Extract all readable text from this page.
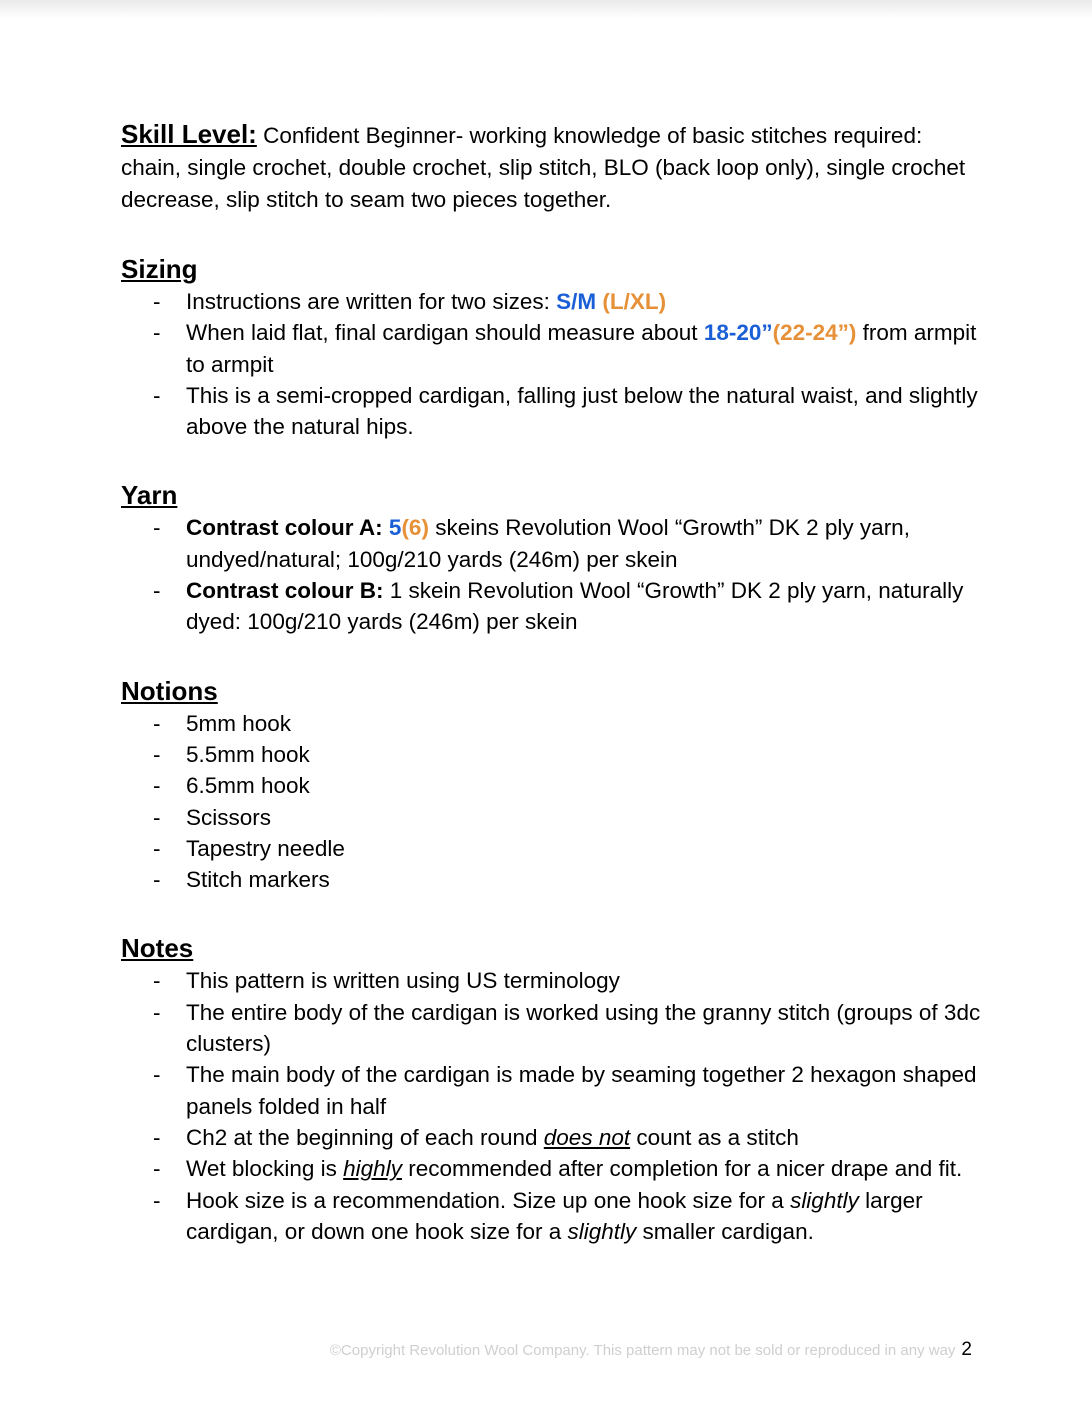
Skill Level: Confident Beginner- working knowledge of basic stitches required: chain, single crochet, double crochet, slip stitch, BLO (back loop only), single crochet decrease, slip stitch to seam two pieces together.

Sizing
- Instructions are written for two sizes: S/M (L/XL)
- When laid flat, final cardigan should measure about 18-20”(22-24”) from armpit to armpit
- This is a semi-cropped cardigan, falling just below the natural waist, and slightly above the natural hips.
Yarn
- Contrast colour A: 5(6) skeins Revolution Wool “Growth” DK 2 ply yarn, undyed/natural; 100g/210 yards (246m) per skein
- Contrast colour B: 1 skein Revolution Wool “Growth” DK 2 ply yarn, naturally dyed: 100g/210 yards (246m) per skein
Notions
- 5mm hook
- 5.5mm hook
- 6.5mm hook
- Scissors
- Tapestry needle
- Stitch markers
Notes
- This pattern is written using US terminology
- The entire body of the cardigan is worked using the granny stitch (groups of 3dc clusters)
- The main body of the cardigan is made by seaming together 2 hexagon shaped panels folded in half
- Ch2 at the beginning of each round does not count as a stitch
- Wet blocking is highly recommended after completion for a nicer drape and fit.
- Hook size is a recommendation. Size up one hook size for a slightly larger cardigan, or down one hook size for a slightly smaller cardigan.
©Copyright Revolution Wool Company. This pattern may not be sold or reproduced in any way 2
